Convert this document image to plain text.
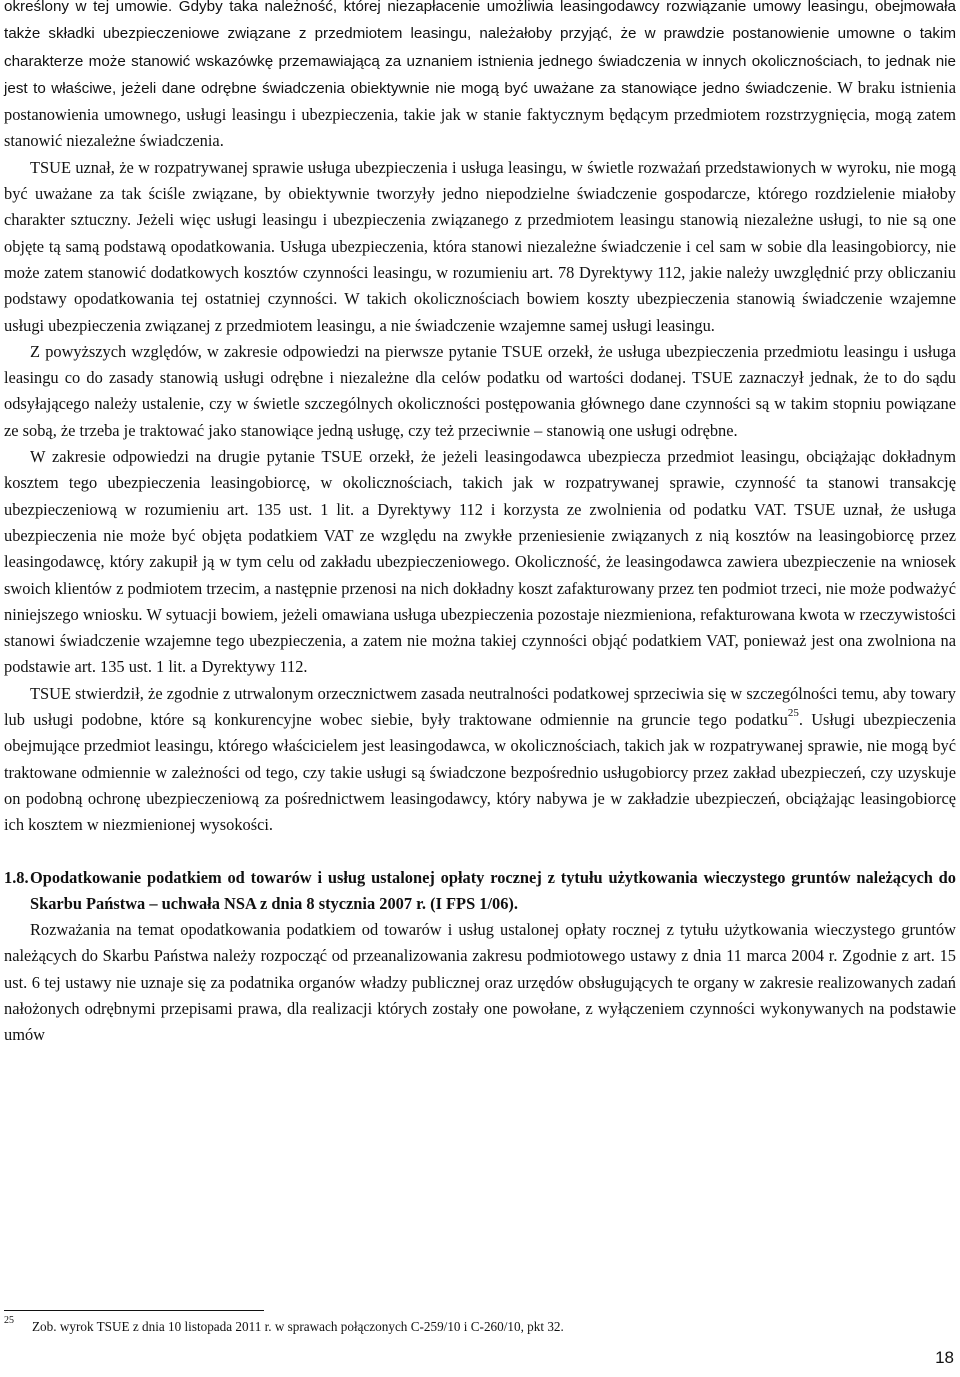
określony w tej umowie. Gdyby taka należność, której niezapłacenie umożliwia leasingodawcy rozwiązanie umowy leasingu, obejmowała także składki ubezpieczeniowe związane z przedmiotem leasingu, należałoby przyjąć, że w prawdzie postanowienie umowne o takim charakterze może stanowić wskazówkę przemawiającą za uznaniem istnienia jednego świadczenia w innych okolicznościach, to jednak nie jest to właściwe, jeżeli dane odrębne świadczenia obiektywnie nie mogą być uważane za stanowiące jedno świadczenie. W braku istnienia postanowienia umownego, usługi leasingu i ubezpieczenia, takie jak w stanie faktycznym będącym przedmiotem rozstrzygnięcia, mogą zatem stanowić niezależne świadczenia.

TSUE uznał, że w rozpatrywanej sprawie usługa ubezpieczenia i usługa leasingu, w świetle rozważań przedstawionych w wyroku, nie mogą być uważane za tak ściśle związane, by obiektywnie tworzyły jedno niepodzielne świadczenie gospodarcze, którego rozdzielenie miałoby charakter sztuczny. Jeżeli więc usługi leasingu i ubezpieczenia związanego z przedmiotem leasingu stanowią niezależne usługi, to nie są one objęte tą samą podstawą opodatkowania. Usługa ubezpieczenia, która stanowi niezależne świadczenie i cel sam w sobie dla leasingobiorcy, nie może zatem stanowić dodatkowych kosztów czynności leasingu, w rozumieniu art. 78 Dyrektywy 112, jakie należy uwzględnić przy obliczaniu podstawy opodatkowania tej ostatniej czynności. W takich okolicznościach bowiem koszty ubezpieczenia stanowią świadczenie wzajemne usługi ubezpieczenia związanej z przedmiotem leasingu, a nie świadczenie wzajemne samej usługi leasingu.

Z powyższych względów, w zakresie odpowiedzi na pierwsze pytanie TSUE orzekł, że usługa ubezpieczenia przedmiotu leasingu i usługa leasingu co do zasady stanowią usługi odrębne i niezależne dla celów podatku od wartości dodanej. TSUE zaznaczył jednak, że to do sądu odsyłającego należy ustalenie, czy w świetle szczególnych okoliczności postępowania głównego dane czynności są w takim stopniu powiązane ze sobą, że trzeba je traktować jako stanowiące jedną usługę, czy też przeciwnie – stanowią one usługi odrębne.

W zakresie odpowiedzi na drugie pytanie TSUE orzekł, że jeżeli leasingodawca ubezpiecza przedmiot leasingu, obciążając dokładnym kosztem tego ubezpieczenia leasingobiorcę, w okolicznościach, takich jak w rozpatrywanej sprawie, czynność ta stanowi transakcję ubezpieczeniową w rozumieniu art. 135 ust. 1 lit. a Dyrektywy 112 i korzysta ze zwolnienia od podatku VAT. TSUE uznał, że usługa ubezpieczenia nie może być objęta podatkiem VAT ze względu na zwykłe przeniesienie związanych z nią kosztów na leasingobiorcę przez leasingodawcę, który zakupił ją w tym celu od zakładu ubezpieczeniowego. Okoliczność, że leasingodawca zawiera ubezpieczenie na wniosek swoich klientów z podmiotem trzecim, a następnie przenosi na nich dokładny koszt zafakturowany przez ten podmiot trzeci, nie może podważyć niniejszego wniosku. W sytuacji bowiem, jeżeli omawiana usługa ubezpieczenia pozostaje niezmieniona, refakturowana kwota w rzeczywistości stanowi świadczenie wzajemne tego ubezpieczenia, a zatem nie można takiej czynności objąć podatkiem VAT, ponieważ jest ona zwolniona na podstawie art. 135 ust. 1 lit. a Dyrektywy 112.

TSUE stwierdził, że zgodnie z utrwalonym orzecznictwem zasada neutralności podatkowej sprzeciwia się w szczególności temu, aby towary lub usługi podobne, które są konkurencyjne wobec siebie, były traktowane odmiennie na gruncie tego podatku$^{25}$. Usługi ubezpieczenia obejmujące przedmiot leasingu, którego właścicielem jest leasingodawca, w okolicznościach, takich jak w rozpatrywanej sprawie, nie mogą być traktowane odmiennie w zależności od tego, czy takie usługi są świadczone bezpośrednio usługobiorcy przez zakład ubezpieczeń, czy uzyskuje on podobną ochronę ubezpieczeniową za pośrednictwem leasingodawcy, który nabywa je w zakładzie ubezpieczeń, obciążając leasingobiorcę ich kosztem w niezmienionej wysokości.

1.8.Opodatkowanie podatkiem od towarów i usług ustalonej opłaty rocznej z tytułu użytkowania wieczystego gruntów należących do Skarbu Państwa – uchwała NSA z dnia 8 stycznia 2007 r. (I FPS 1/06).

Rozważania na temat opodatkowania podatkiem od towarów i usług ustalonej opłaty rocznej z tytułu użytkowania wieczystego gruntów należących do Skarbu Państwa należy rozpocząć od przeanalizowania zakresu podmiotowego ustawy z dnia 11 marca 2004 r. Zgodnie z art. 15 ust. 6 tej ustawy nie uznaje się za podatnika organów władzy publicznej oraz urzędów obsługujących te organy w zakresie realizowanych zadań nałożonych odrębnymi przepisami prawa, dla realizacji których zostały one powołane, z wyłączeniem czynności wykonywanych na podstawie umów

25 Zob. wyrok TSUE z dnia 10 listopada 2011 r. w sprawach połączonych C-259/10 i C-260/10, pkt 32.
18
